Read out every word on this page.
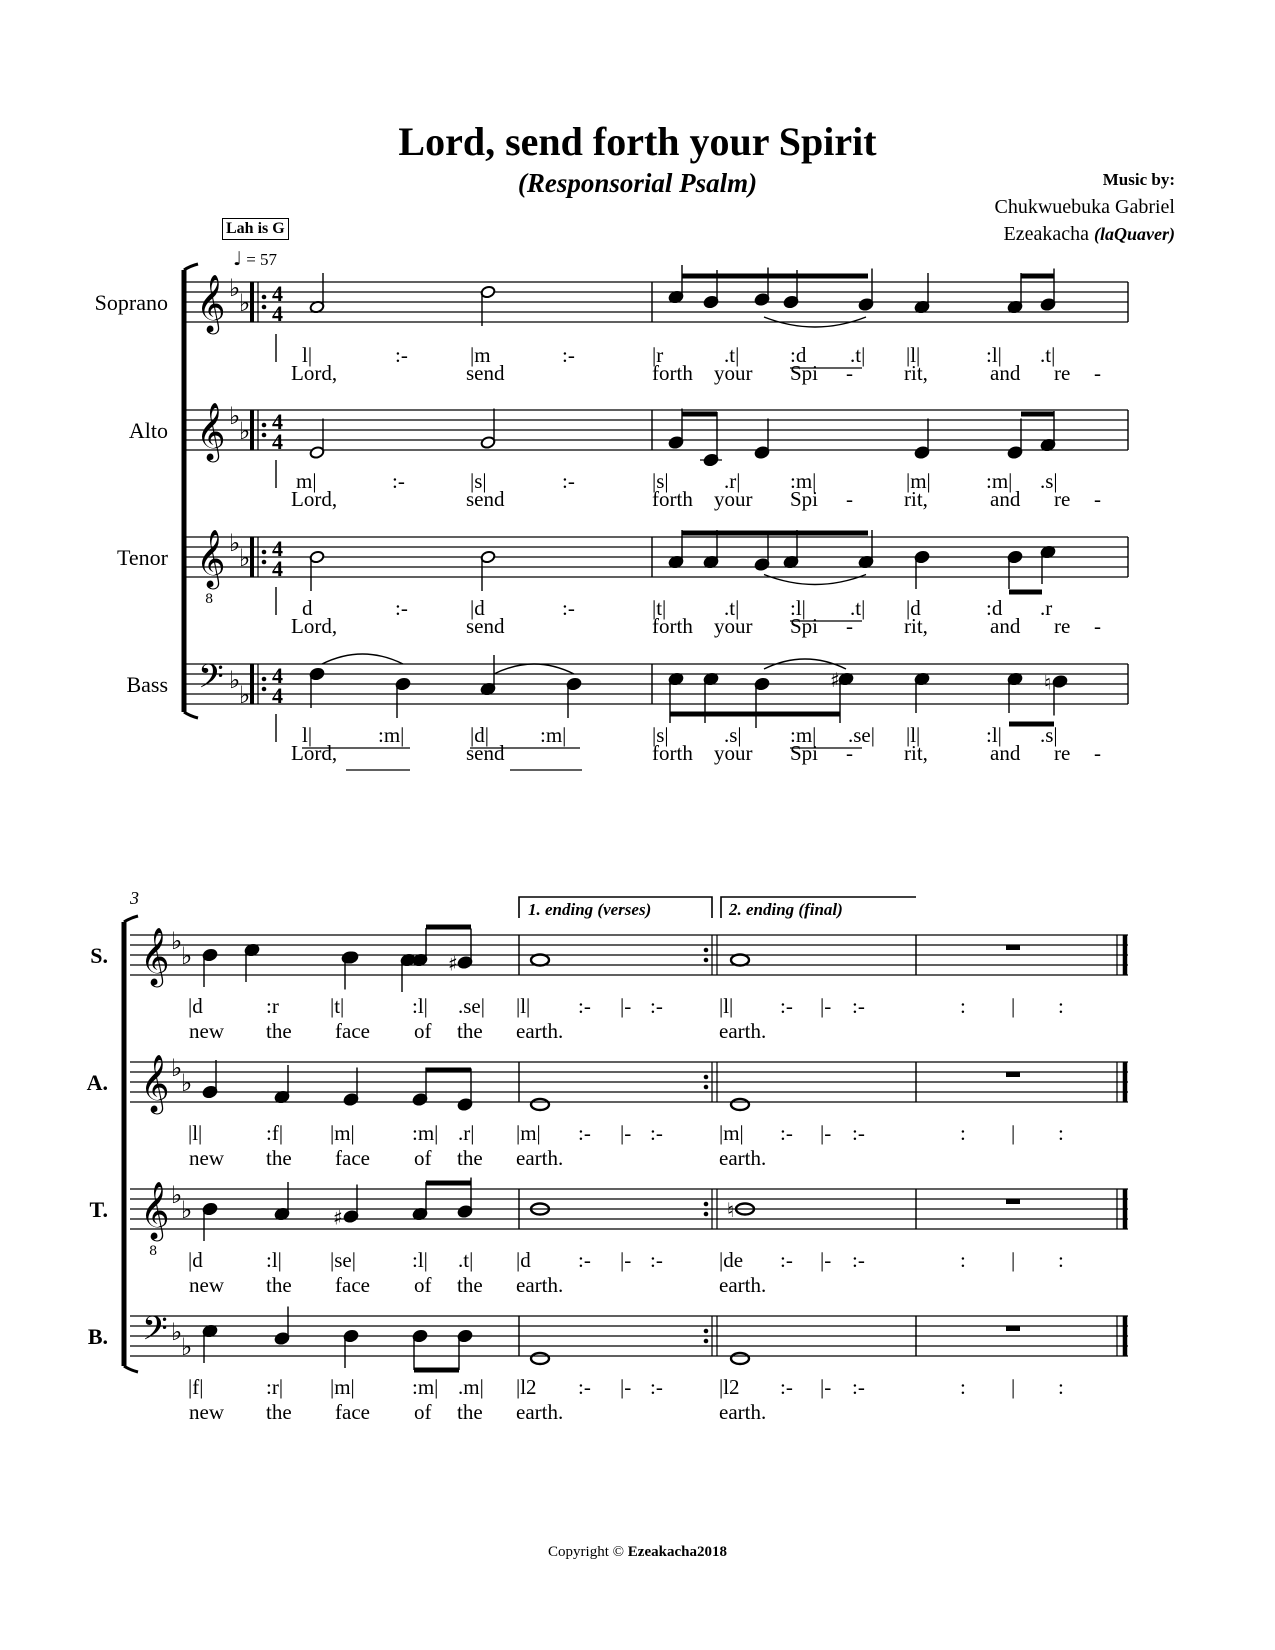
Lord, send forth your Spirit
(Responsorial Psalm)	Music by:
Chukwuebuka Gabriel
Ezeakacha (laQuaver)
Lah is G
♩ = 57
𝄞 ♭
♭ 4
4
𝄞 ♭
♭ 4
4
𝄞
8
♭
♭ 4
4
𝄢 ♭
♭
4
4
♯	♮
𝄞 ♭
♭
𝄞 ♭
♭
𝄞
8
♭
♭
𝄢 ♭
♭
♯
♯	♮
Soprano
Alto
Tenor
Bass
l|	:-	|m	:-	|r	.t| :d .t| |l|	:l| .t|
Lord,	send	forth your Spi - rit,	and re -
m|	:-	|s|	:-	|s|	.r| :m|	|m|	:m| .s|
Lord,	send	forth your Spi - rit,	and re -
d	:-	|d	:-	|t|	.t| :l| .t| |d	:d .r
Lord,	send	forth your Spi - rit,	and re -
l|	:m|	|d| :m|	|s|	.s| :m| .se| |l|	:l| .s|
Lord,	send	forth your Spi - rit,	and re -
3
1. ending (verses)	2. ending (final)
S.
A.
T.
B.
|d	:r |t|	:l| .se| |l| :- |- :-	|l| :- |- :-	: | :
new the face of the earth.	earth.
|l|	:f| |m|	:m| .r| |m| :- |- :-	|m| :- |- :-	: | :
new the face of the earth.	earth.
|d	:l| |se|	:l| .t| |d :- |- :-	|de :- |- :-	: | :
new the face of the earth.	earth.
|f|	:r| |m|	:m| .m| |l2 :- |- :-	|l2 :- |- :-	: | :
new the face of the earth.	earth.
Copyright © Ezeakacha2018
